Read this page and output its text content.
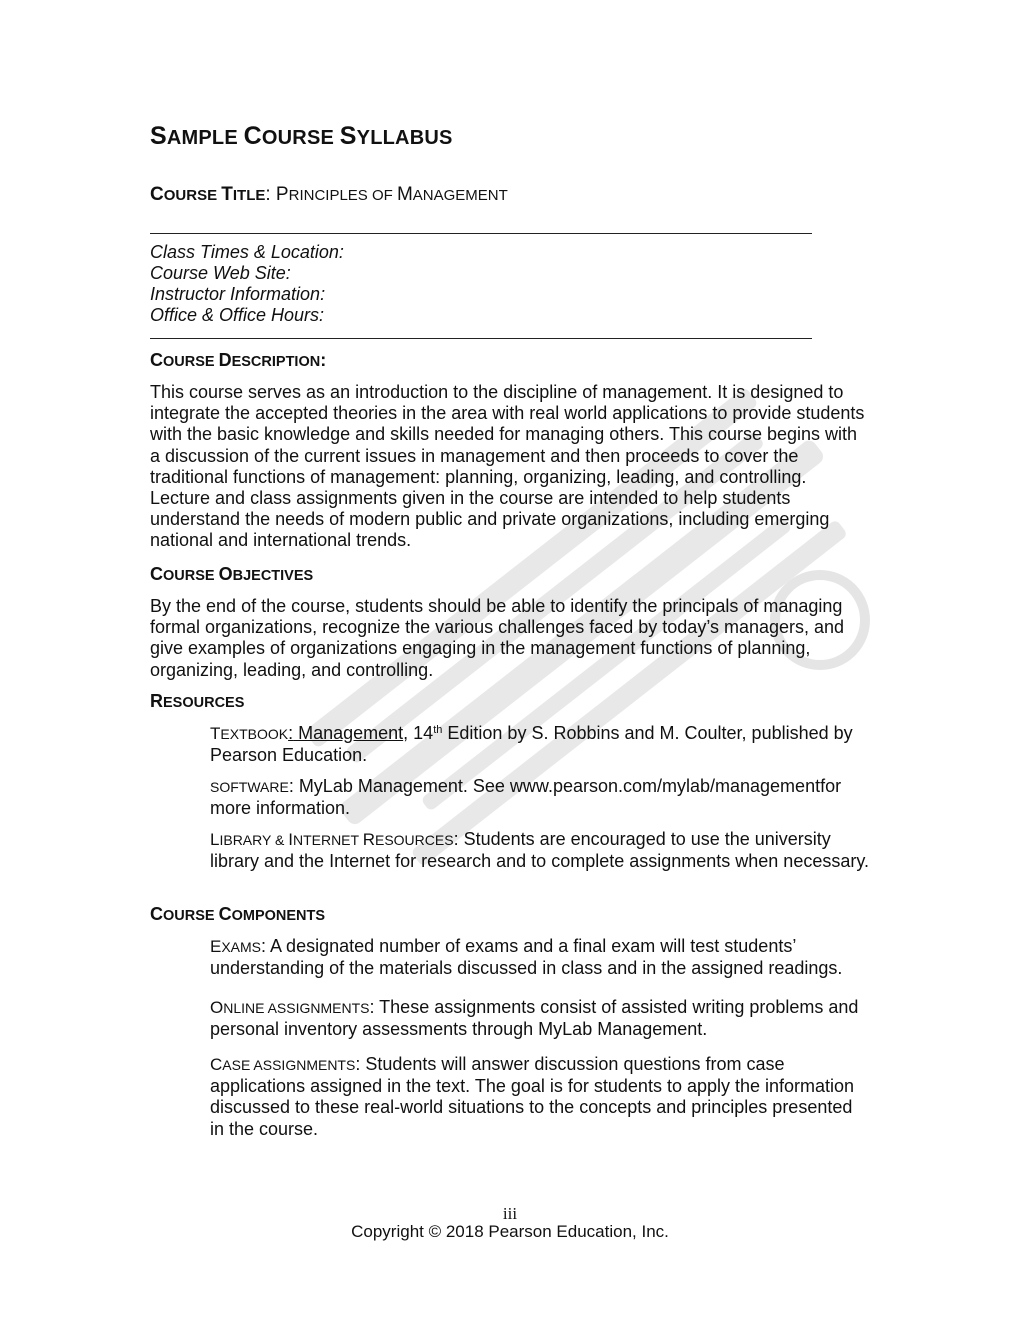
SAMPLE COURSE SYLLABUS

COURSE TITLE: PRINCIPLES OF MANAGEMENT

Class Times & Location:
Course Web Site:
Instructor Information:
Office & Office Hours:
COURSE DESCRIPTION:

This course serves as an introduction to the discipline of management. It is designed to integrate the accepted theories in the area with real world applications to provide students with the basic knowledge and skills needed for managing others. This course begins with a discussion of the current issues in management and then proceeds to cover the traditional functions of management: planning, organizing, leading, and controlling. Lecture and class assignments given in the course are intended to help students understand the needs of modern public and private organizations, including emerging national and international trends.

COURSE OBJECTIVES

By the end of the course, students should be able to identify the principals of managing formal organizations, recognize the various challenges faced by today’s managers, and give examples of organizations engaging in the management functions of planning, organizing, leading, and controlling.

RESOURCES

TEXTBOOK: Management, 14th Edition by S. Robbins and M. Coulter, published by Pearson Education.

SOFTWARE: MyLab Management. See www.pearson.com/mylab/managementfor more information.

LIBRARY & INTERNET RESOURCES: Students are encouraged to use the university library and the Internet for research and to complete assignments when necessary.

COURSE COMPONENTS

EXAMS: A designated number of exams and a final exam will test students’ understanding of the materials discussed in class and in the assigned readings.

ONLINE ASSIGNMENTS: These assignments consist of assisted writing problems and personal inventory assessments through MyLab Management.

CASE ASSIGNMENTS: Students will answer discussion questions from case applications assigned in the text. The goal is for students to apply the information discussed to these real-world situations to the concepts and principles presented in the course.

iii
Copyright © 2018 Pearson Education, Inc.
